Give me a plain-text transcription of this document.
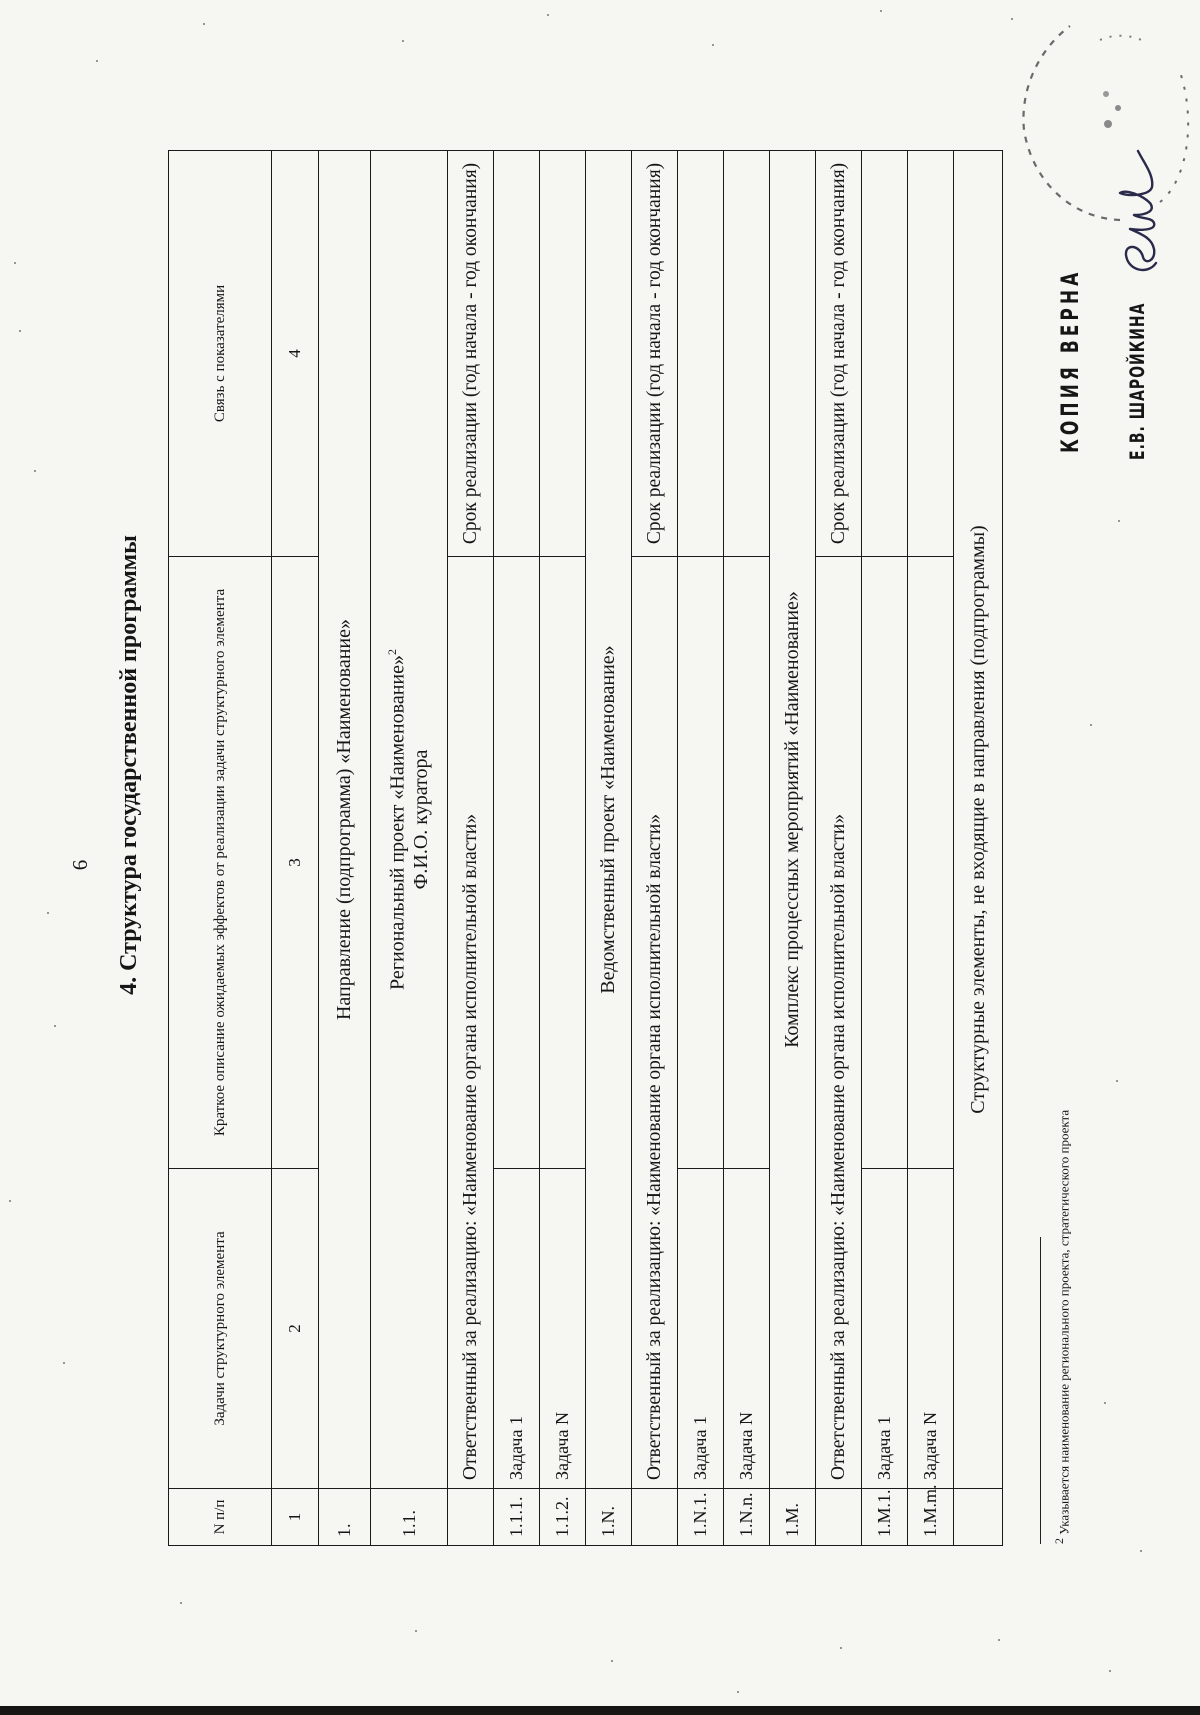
6 4. Структура государственной программы
N п/п	Задачи структурного элемента	Краткое описание ожидаемых эффектов от реализации задачи структурного элемента	Связь с показателями
1	2	3	4
1.	Направление (подпрограмма) «Наименование»		
1.1.	Региональный проект «Наименование»$^2$
Ф.И.О. куратора		
	Ответственный за реализацию: «Наименование органа исполнительной власти»		Срок реализации (год начала - год окончания)
1.1.1.	Задача 1		
1.1.2.	Задача N		
1.N.	Ведомственный проект «Наименование»		
	Ответственный за реализацию: «Наименование органа исполнительной власти»		Срок реализации (год начала - год окончания)
1.N.1.	Задача 1		
1.N.n.	Задача N		
1.M.	Комплекс процессных мероприятий «Наименование»		
	Ответственный за реализацию: «Наименование органа исполнительной власти»		Срок реализации (год начала - год окончания)
1.M.1.	Задача 1		
1.M.m.	Задача N		
	Структурные элементы, не входящие в направления (подпрограммы)		
$^2$ Указывается наименование регионального проекта, стратегического проекта
КОПИЯ ВЕРНА	Е.В. ШАРОЙКИНА
